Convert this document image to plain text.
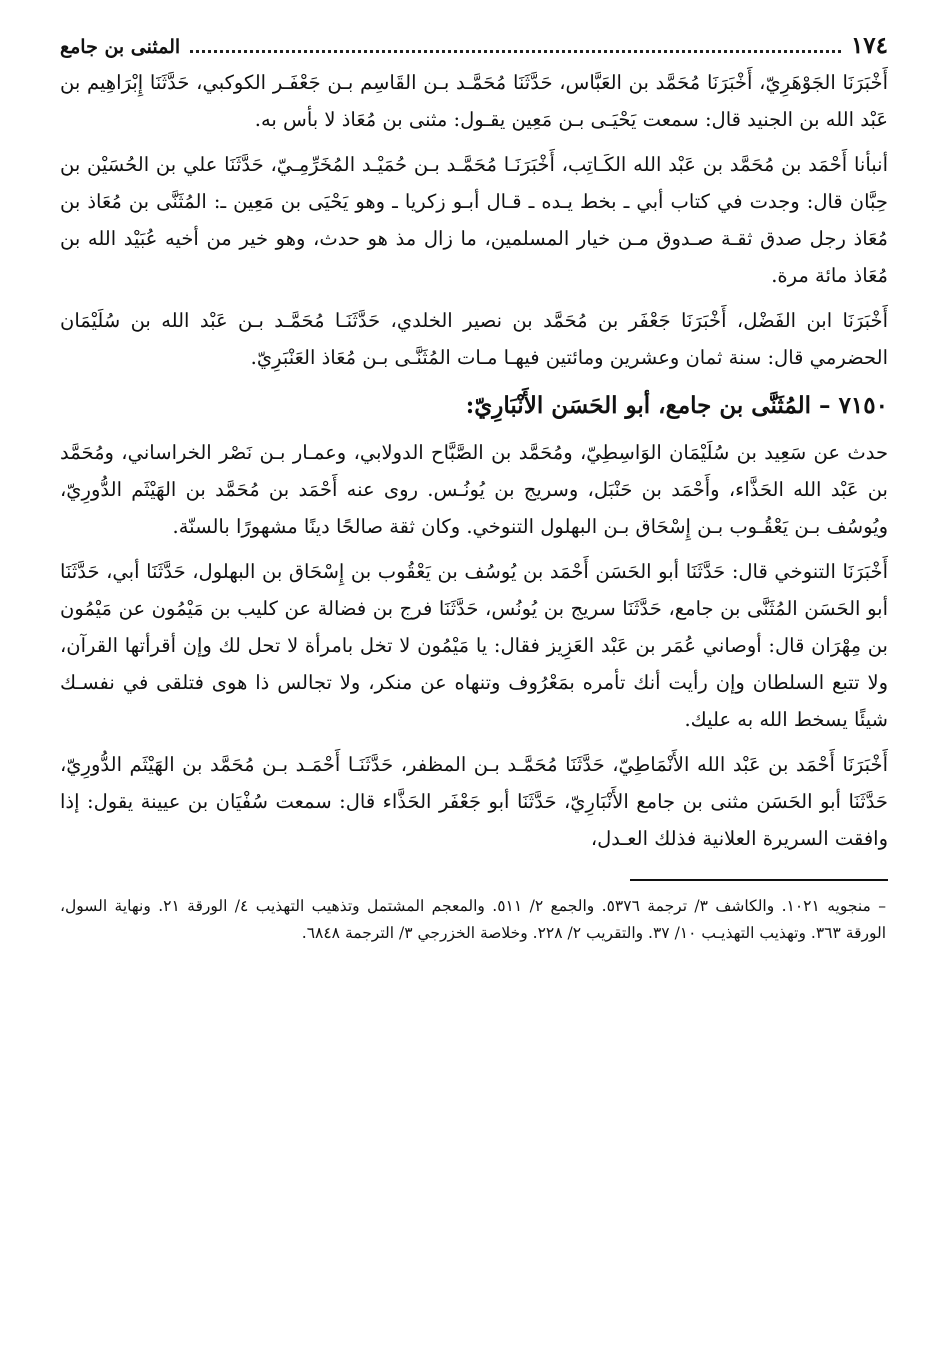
١٧٤
المثنى بن جامع

أَخْبَرَنَا الجَوْهَرِيّ، أَخْبَرَنَا مُحَمَّد بن العَبَّاس، حَدَّثَنَا مُحَمَّـد بـن القَاسِم بـن جَعْفَـر الكوكبي، حَدَّثَنَا إِبْرَاهِيم بن عَبْد الله بن الجنيد قال: سمعت يَحْيَـى بـن مَعِين يقـول: مثنى بن مُعَاذ لا بأس به.

أنبأنا أَحْمَد بن مُحَمَّد بن عَبْد الله الكَـاتِب، أَخْبَرَنَـا مُحَمَّـد بـن حُمَيْـد المُخَرِّمِـيّ، حَدَّثَنَا علي بن الحُسَيْن بن حِبَّان قال: وجدت في كتاب أبي ـ بخط يـده ـ قـال أبـو زكريا ـ وهو يَحْيَى بن مَعِين ـ: المُثَنَّى بن مُعَاذ بن مُعَاذ رجل صدق ثقـة صـدوق مـن خيار المسلمين، ما زال مذ هو حدث، وهو خير من أخيه عُبَيْد الله بن مُعَاذ مائة مرة.

أَخْبَرَنَا ابن الفَضْل، أَخْبَرَنَا جَعْفَر بن مُحَمَّد بن نصير الخلدي، حَدَّثَنَـا مُحَمَّـد بـن عَبْد الله بن سُلَيْمَان الحضرمي قال: سنة ثمان وعشرين ومائتين فيهـا مـات المُثَنَّـى بـن مُعَاذ العَنْبَرِيّ.

٧١٥٠ – المُثَنَّى بن جامع، أبو الحَسَن الأَنْبَارِيّ:

حدث عن سَعِيد بن سُلَيْمَان الوَاسِطِيّ، ومُحَمَّد بن الصَّبَّاح الدولابي، وعمـار بـن نَصْر الخراساني، ومُحَمَّد بن عَبْد الله الحَذَّاء، وأَحْمَد بن حَنْبَل، وسريج بن يُونُـس. روى عنه أَحْمَد بن مُحَمَّد بن الهَيْثَم الدُّورِيّ، ويُوسُف بـن يَعْقُـوب بـن إِسْحَاق بـن البهلول التنوخي. وكان ثقة صالحًا دينًا مشهورًا بالسنّة.

أَخْبَرَنَا التنوخي قال: حَدَّثَنَا أبو الحَسَن أَحْمَد بن يُوسُف بن يَعْقُوب بن إِسْحَاق بن البهلول، حَدَّثَنَا أبي، حَدَّثَنَا أبو الحَسَن المُثَنَّى بن جامع، حَدَّثَنَا سريج بن يُونُس، حَدَّثَنَا فرج بن فضالة عن كليب بن مَيْمُون عن مَيْمُون بن مِهْرَان قال: أوصاني عُمَر بن عَبْد العَزِيز فقال: يا مَيْمُون لا تخل بامرأة لا تحل لك وإن أقرأتها القرآن، ولا تتبع السلطان وإن رأيت أنك تأمره بمَعْرُوف وتنهاه عن منكر، ولا تجالس ذا هوى فتلقى في نفسـك شيئًا يسخط الله به عليك.

أَخْبَرَنَا أَحْمَد بن عَبْد الله الأَنْمَاطِيّ، حَدَّثَنَا مُحَمَّـد بـن المظفر، حَدَّثَنَـا أَحْمَـد بـن مُحَمَّد بن الهَيْثَم الدُّورِيّ، حَدَّثَنَا أبو الحَسَن مثنى بن جامع الأَنْبَارِيّ، حَدَّثَنَا أبو جَعْفَر الحَذَّاء قال: سمعت سُفْيَان بن عيينة يقول: إذا وافقت السريرة العلانية فذلك العـدل،

– منجويه ١٠٢١. والكاشف ٣/ ترجمة ٥٣٧٦. والجمع ٢/ ٥١١. والمعجم المشتمل وتذهيب التهذيب ٤/ الورقة ٢١. ونهاية السول، الورقة ٣٦٣. وتهذيب التهذيـب ١٠/ ٣٧. والتقريب ٢/ ٢٢٨. وخلاصة الخزرجي ٣/ الترجمة ٦٨٤٨.
